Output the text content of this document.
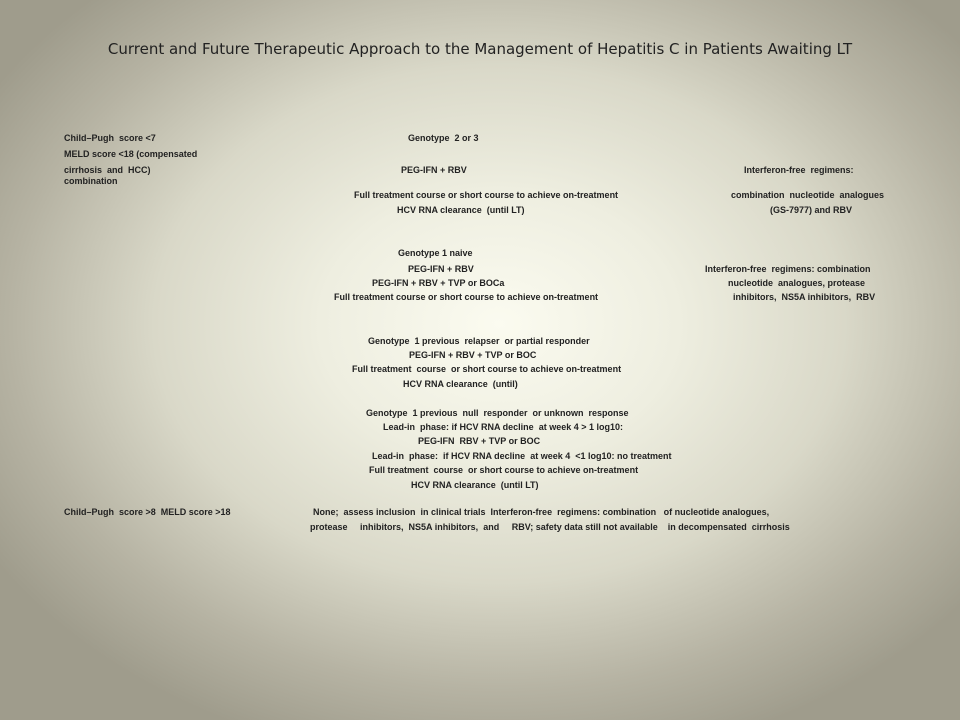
Current and Future Therapeutic Approach to the Management of Hepatitis C in Patients Awaiting LT
Child–Pugh  score <7	Genotype  2 or 3
MELD score <18 (compensated
cirrhosis  and  HCC)	PEG-IFN + RBV	Interferon-free  regimens:
combination
Full treatment course or short course to achieve on-treatment	combination  nucleotide  analogues
HCV RNA clearance  (until LT)	(GS-7977) and RBV
Genotype 1 naive
PEG-IFN + RBV	Interferon-free  regimens: combination
PEG-IFN + RBV + TVP or BOCa	nucleotide  analogues, protease
Full treatment course or short course to achieve on-treatment	inhibitors,  NS5A inhibitors,  RBV
Genotype  1 previous  relapser  or partial responder
PEG-IFN + RBV + TVP or BOC
Full treatment  course  or short course to achieve on-treatment
HCV RNA clearance  (until)
Genotype  1 previous  null  responder  or unknown  response
Lead-in  phase: if HCV RNA decline  at week 4 > 1 log10:
PEG-IFN  RBV + TVP or BOC
Lead-in  phase:  if HCV RNA decline  at week 4  <1 log10: no treatment
Full treatment  course  or short course to achieve on-treatment
HCV RNA clearance  (until LT)
Child–Pugh  score >8  MELD score >18	None;  assess inclusion  in clinical trials  Interferon-free  regimens: combination   of nucleotide analogues,
protease     inhibitors,  NS5A inhibitors,  and     RBV; safety data still not available    in decompensated  cirrhosis
